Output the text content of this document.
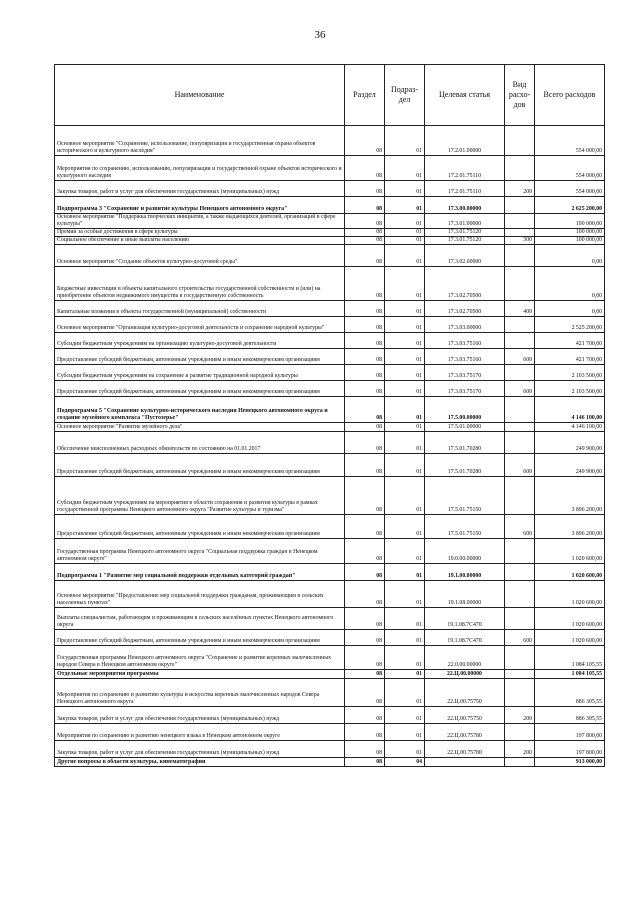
36
Наименование	Раздел	Подраз-дел	Целевая статья	Вид расхо-дов	Всего расходов
Основное мероприятие "Сохранение, использование, популяризация и государственная охрана объектов исторического и культурного наследия"	08	01	17.2.01.00000		554 000,00
Мероприятия по сохранению, использованию, популяризации и государственной охране объектов исторического и культурного наследия	08	01	17.2.01.75110		554 000,00
Закупка товаров, работ и услуг для обеспечения государственных (муниципальных) нужд	08	01	17.2.01.75110	200	554 000,00
Подпрограмма 3 "Сохранение и развитие культуры Ненецкого автономного округа"	08	01	17.3.00.00000		2 625 200,00
Основное мероприятие "Поддержка творческих инициатив, а также выдающихся деятелей, организаций в сфере культуры"	08	01	17.3.01.00000		100 000,00
Премии за особые достижения в сфере культуры	08	01	17.3.01.75120		100 000,00
Социальное обеспечение и иные выплаты населению	08	01	17.3.01.75120	300	100 000,00
Основное мероприятие "Создание объектов культурно-досуговой среды"	08	01	17.3.02.00000		0,00
Бюджетные инвестиции в объекты капитального строительства государственной собственности и (или) на приобретение объектов недвижимого имущества в государственную собственность	08	01	17.3.02.70500		0,00
Капитальные вложения в объекты государственной (муниципальной) собственности	08	01	17.3.02.70500	400	0,00
Основное мероприятие "Организация культурно-досуговой деятельности и сохранение народной культуры"	08	01	17.3.03.00000		2 525 200,00
Субсидии бюджетным учреждениям на организацию культурно-досуговой деятельности	08	01	17.3.03.75160		421 700,00
Предоставление субсидий бюджетным, автономным учреждениям и иным некоммерческим организациям	08	01	17.3.03.75160	600	421 700,00
Субсидии бюджетным учреждениям на сохранение и развитие традиционной народной культуры	08	01	17.3.03.75170		2 103 500,00
Предоставление субсидий бюджетным, автономным учреждениям и иным некоммерческим организациям	08	01	17.3.03.75170	600	2 103 500,00
Подпрограмма 5 "Сохранение культурно-исторического наследия Ненецкого автономного округа и создание музейного комплекса "Пустозерье"	08	01	17.5.00.00000		4 146 100,00
Основное мероприятие "Развитие музейного дела"	08	01	17.5.01.00000		4 146 100,00
Обеспечение неисполненных расходных обязательств по состоянию на 01.01.2017	08	01	17.5.01.70280		249 900,00
Предоставление субсидий бюджетным, автономным учреждениям и иным некоммерческим организациям	08	01	17.5.01.70280	600	249 900,00
Субсидии бюджетным учреждениям на мероприятия в области сохранения и развития культуры в рамках государственной программы Ненецкого автономного округа "Развитие культуры и туризма"	08	01	17.5.01.75150		3 896 200,00
Предоставление субсидий бюджетным, автономным учреждениям и иным некоммерческим организациям	08	01	17.5.01.75150	600	3 896 200,00
Государственная программа Ненецкого автономного округа "Социальная поддержка граждан в Ненецком автономном округе"	08	01	19.0.00.00000		1 020 600,00
Подпрограмма 1 "Развитие мер социальной поддержки отдельных категорий граждан"	08	01	19.1.00.00000		1 020 600,00
Основное мероприятие "Предоставление мер социальной поддержки гражданам, проживающим в сельских населенных пунктах"	08	01	19.1.08.00000		1 020 600,00
Выплаты специалистам, работающим и проживающим в сельских населённых пунктах Ненецкого автономного округа	08	01	19.1.08.7С470		1 020 600,00
Предоставление субсидий бюджетным, автономным учреждениям и иным некоммерческим организациям	08	01	19.1.08.7С470	600	1 020 600,00
Государственная программа Ненецкого автономного округа "Сохранение и развитие коренных малочисленных народов Севера в Ненецком автономном округе"	08	01	22.0.00.00000		1 084 105,55
Отдельные мероприятия программы	08	01	22.Ц.00.00000		1 084 105,55
Мероприятия по сохранению и развитию культуры и искусства коренных малочисленных народов Севера Ненецкого автономного округа	08	01	22.Ц.00.75750		886 305,55
Закупка товаров, работ и услуг для обеспечения государственных (муниципальных) нужд	08	01	22.Ц.00.75750	200	886 305,55
Мероприятия по сохранению и развитию ненецкого языка в Ненецком автономном округе	08	01	22.Ц.00.75780		197 800,00
Закупка товаров, работ и услуг для обеспечения государственных (муниципальных) нужд	08	01	22.Ц.00.75780	200	197 800,00
Другие вопросы в области культуры, кинематографии	08	04			913 000,00
